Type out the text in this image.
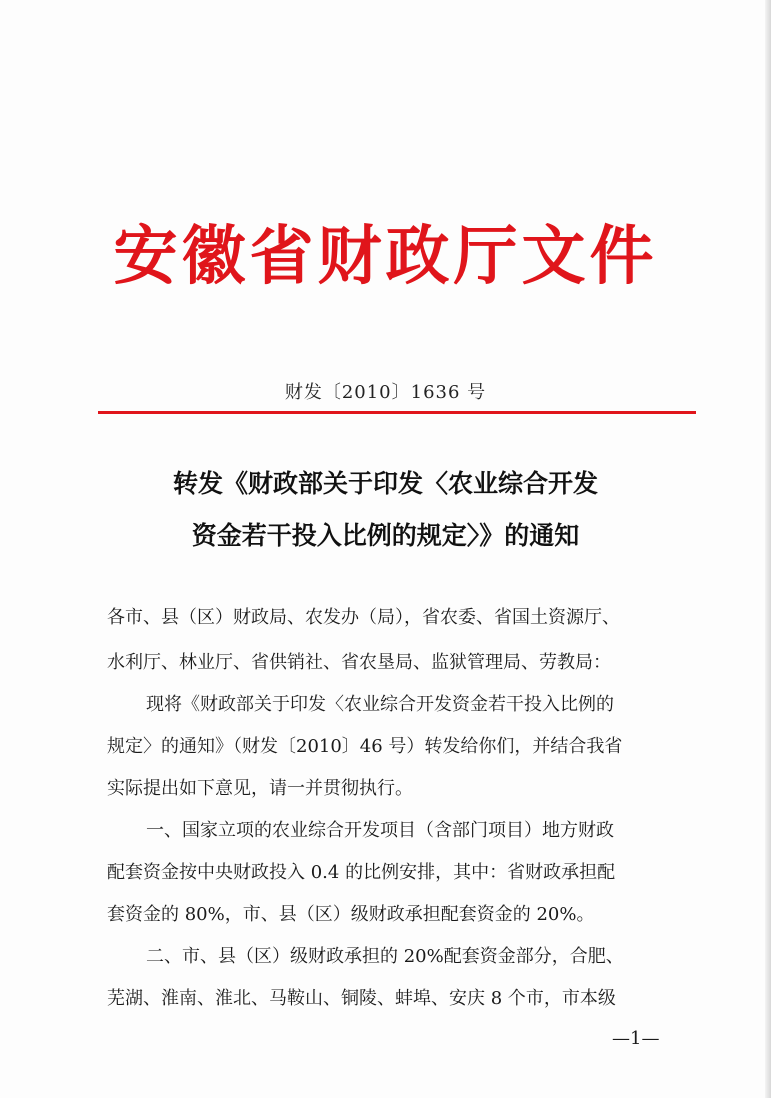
安徽省财政厅文件
财发〔2010〕1636 号
转发《财政部关于印发〈农业综合开发
资金若干投入比例的规定〉》的通知
各市、县（区）财政局、农发办（局），省农委、省国土资源厅、
水利厅、林业厅、省供销社、省农垦局、监狱管理局、劳教局：
现将《财政部关于印发〈农业综合开发资金若干投入比例的
规定〉的通知》（财发〔2010〕46 号）转发给你们，并结合我省
实际提出如下意见，请一并贯彻执行。
一、国家立项的农业综合开发项目（含部门项目）地方财政
配套资金按中央财政投入 0.4 的比例安排，其中：省财政承担配
套资金的 80%，市、县（区）级财政承担配套资金的 20%。
二、市、县（区）级财政承担的 20%配套资金部分，合肥、
芜湖、淮南、淮北、马鞍山、铜陵、蚌埠、安庆 8 个市，市本级
—1—
